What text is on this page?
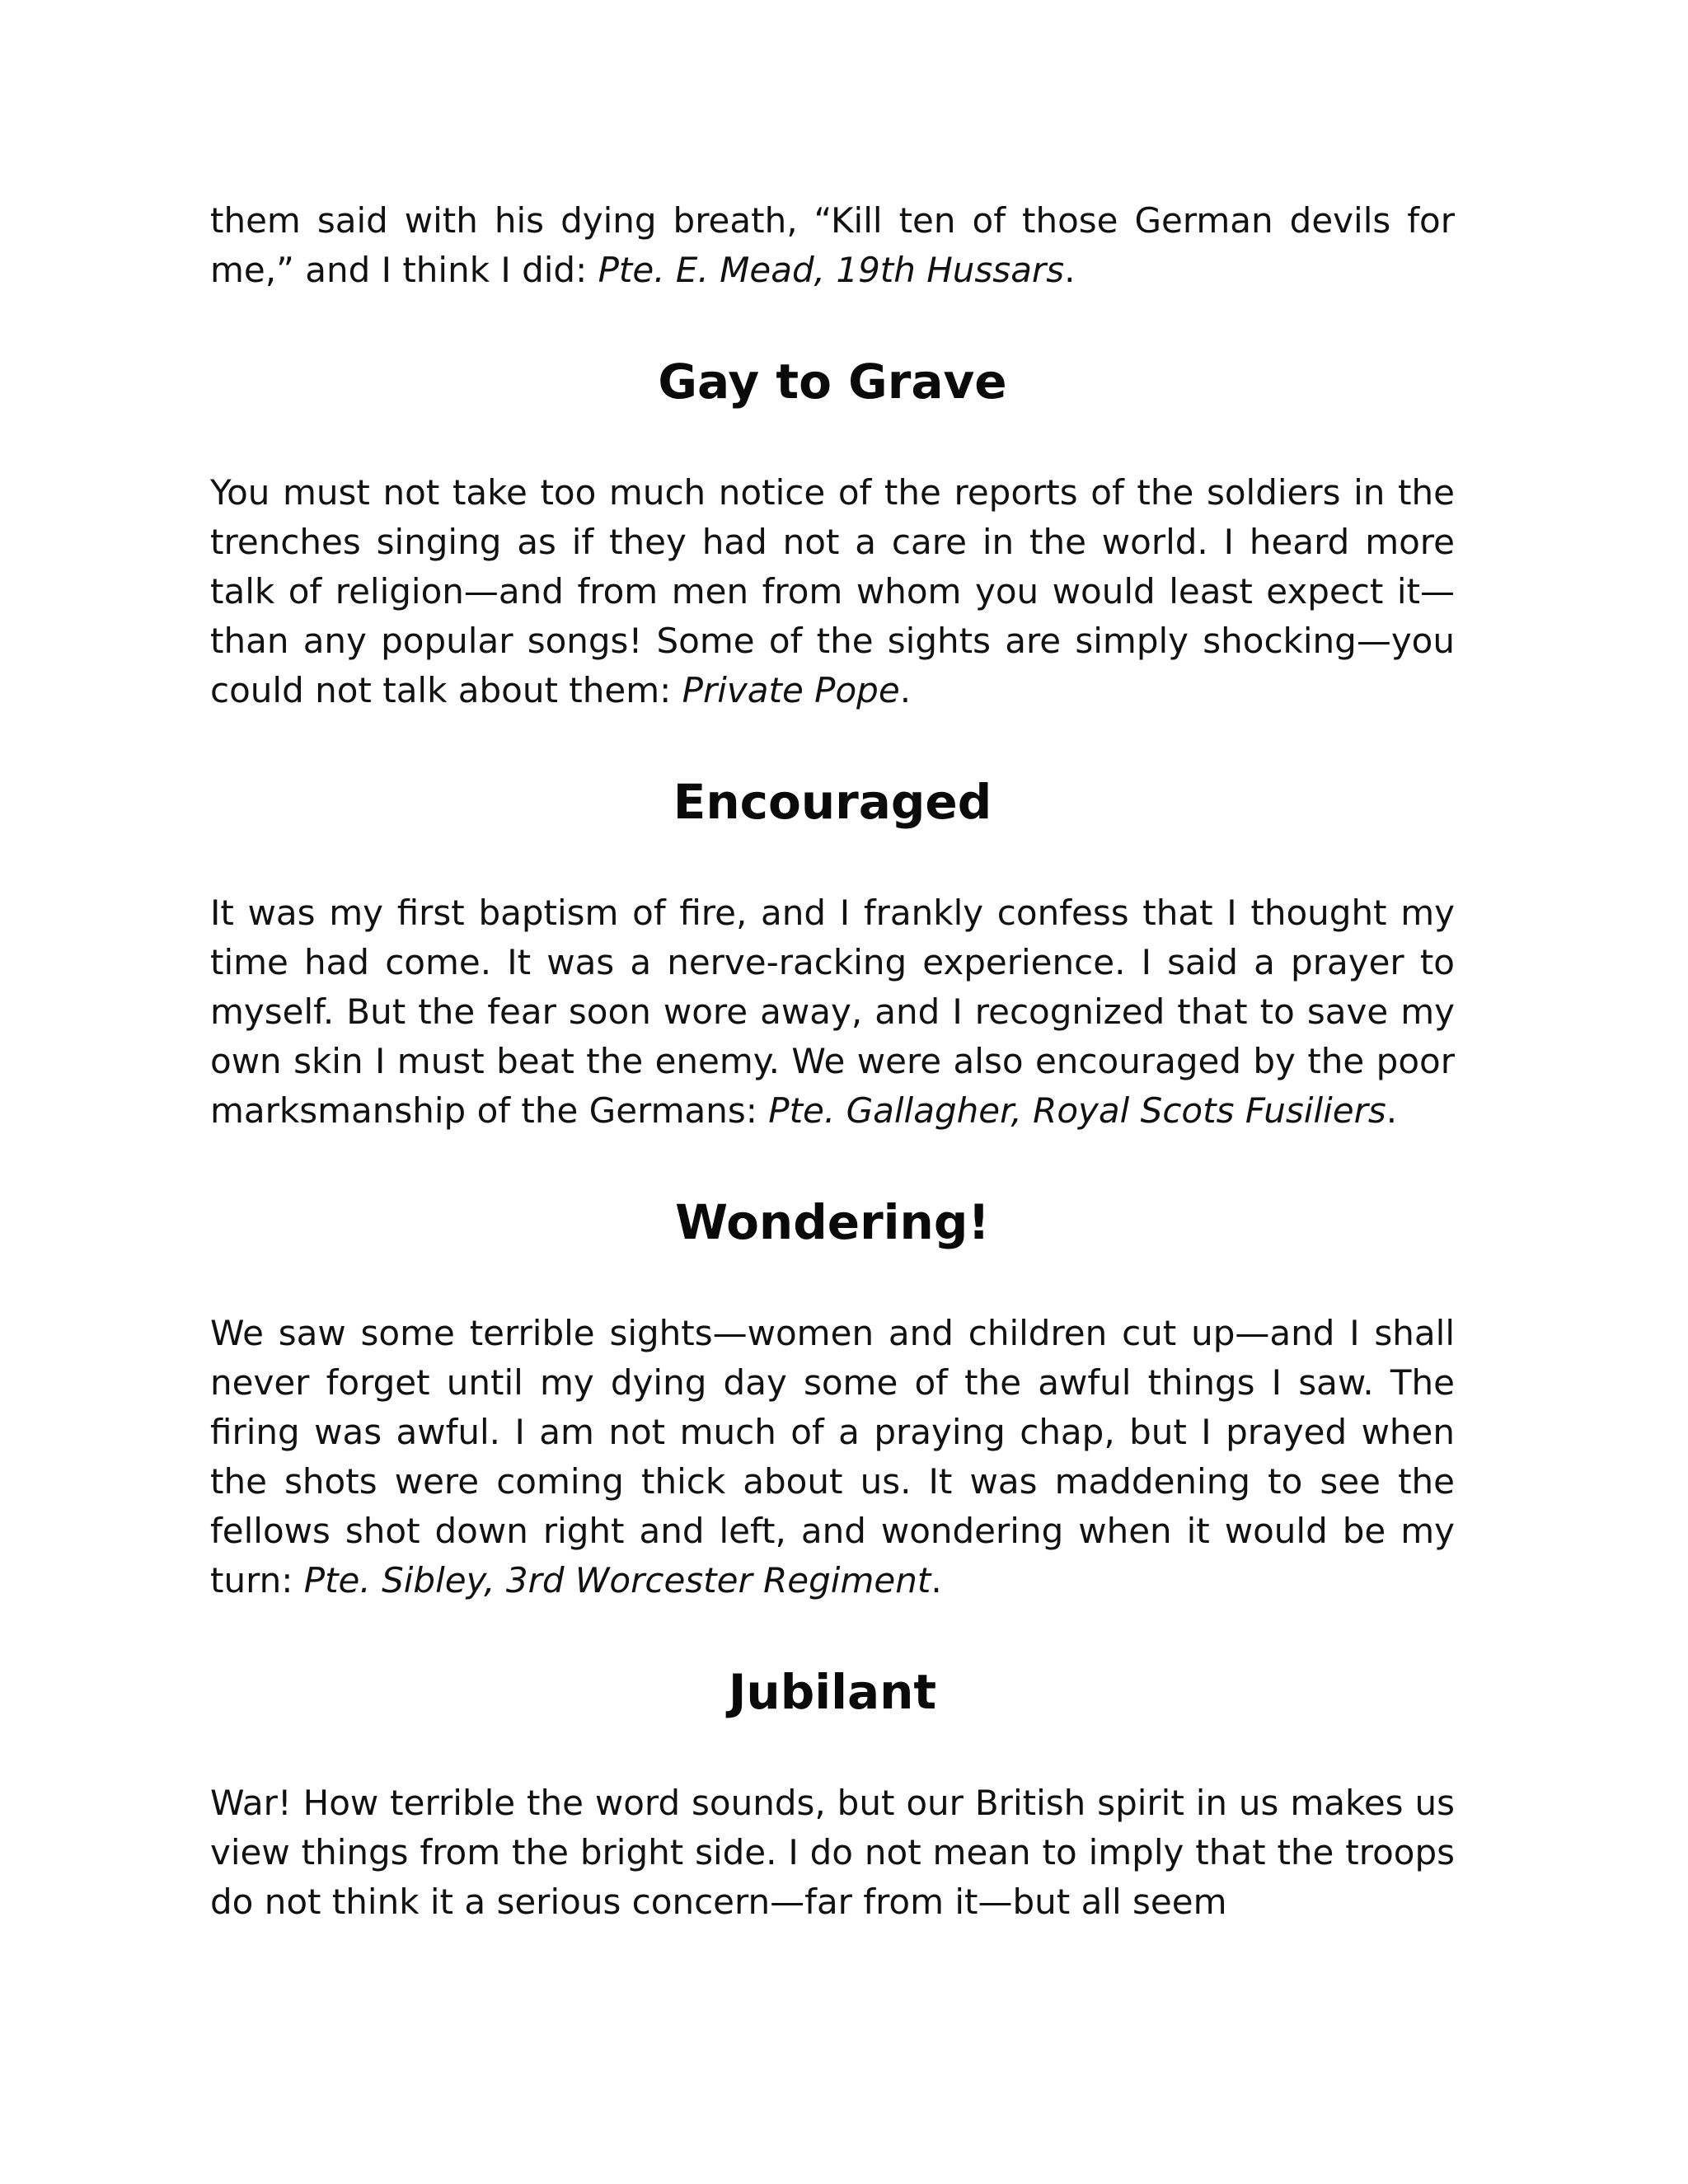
them said with his dying breath, “Kill ten of those German devils for me,” and I think I did: Pte. E. Mead, 19th Hussars.

Gay to Grave

You must not take too much notice of the reports of the soldiers in the trenches singing as if they had not a care in the world. I heard more talk of religion—and from men from whom you would least expect it—than any popular songs! Some of the sights are simply shocking—you could not talk about them: Private Pope.

Encouraged

It was my first baptism of fire, and I frankly confess that I thought my time had come. It was a nerve-racking experience. I said a prayer to myself. But the fear soon wore away, and I recognized that to save my own skin I must beat the enemy. We were also encouraged by the poor marksmanship of the Germans: Pte. Gallagher, Royal Scots Fusiliers.

Wondering!

We saw some terrible sights—women and children cut up—and I shall never forget until my dying day some of the awful things I saw. The firing was awful. I am not much of a praying chap, but I prayed when the shots were coming thick about us. It was maddening to see the fellows shot down right and left, and wondering when it would be my turn: Pte. Sibley, 3rd Worcester Regiment.

Jubilant

War! How terrible the word sounds, but our British spirit in us makes us view things from the bright side. I do not mean to imply that the troops do not think it a serious concern—far from it—but all seem
